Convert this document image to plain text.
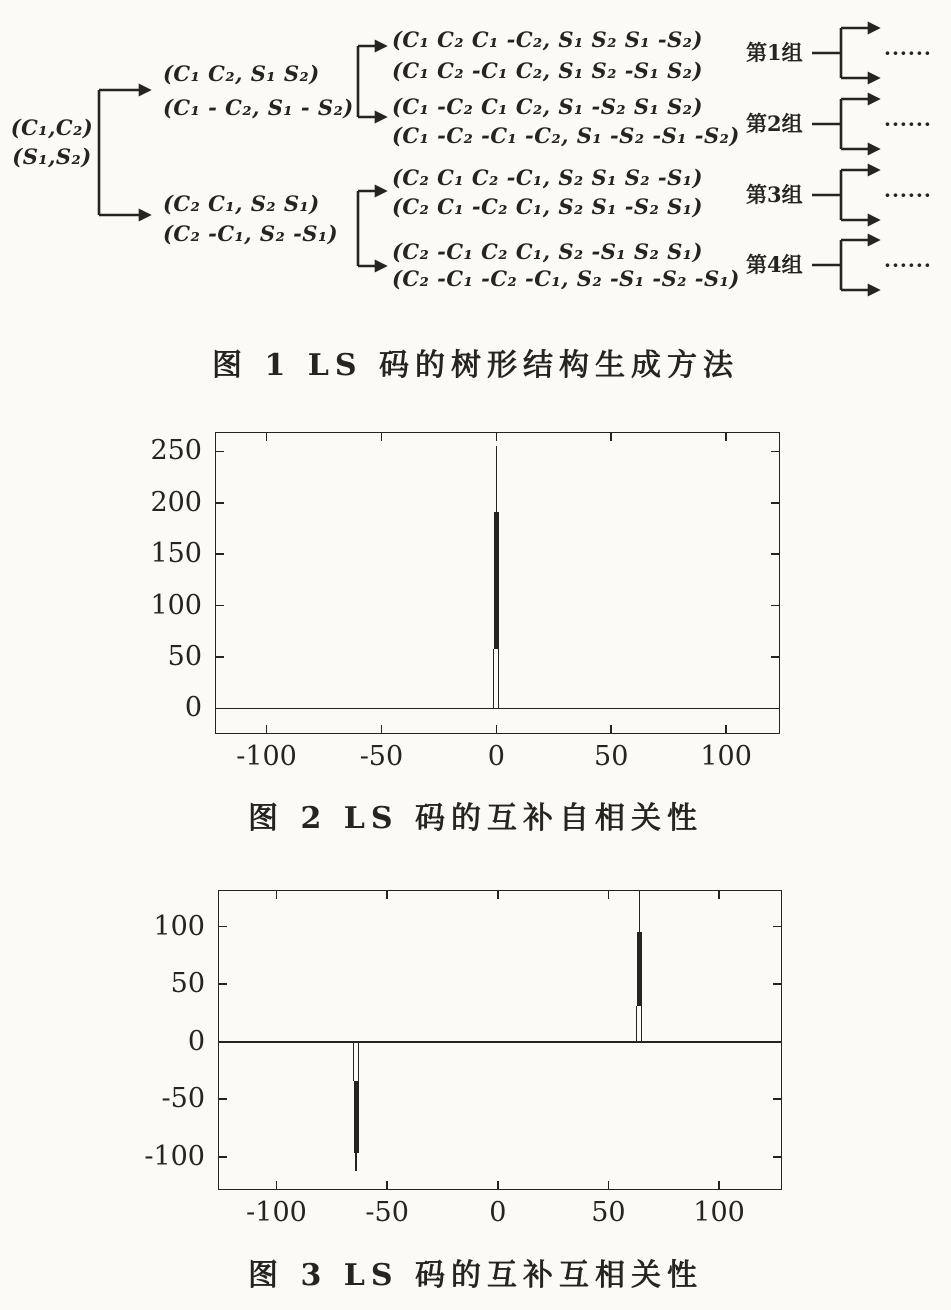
(C₁,C₂)
(S₁,S₂)
(C₁ C₂, S₁ S₂)
(C₁ - C₂, S₁ - S₂)
(C₂ C₁, S₂ S₁)
(C₂ -C₁, S₂ -S₁)
(C₁ C₂ C₁ -C₂, S₁ S₂ S₁ -S₂)
(C₁ C₂ -C₁ C₂, S₁ S₂ -S₁ S₂)
(C₁ -C₂ C₁ C₂, S₁ -S₂ S₁ S₂)
(C₁ -C₂ -C₁ -C₂, S₁ -S₂ -S₁ -S₂)
(C₂ C₁ C₂ -C₁, S₂ S₁ S₂ -S₁)
(C₂ C₁ -C₂ C₁, S₂ S₁ -S₂ S₁)
(C₂ -C₁ C₂ C₁, S₂ -S₁ S₂ S₁)
(C₂ -C₁ -C₂ -C₁, S₂ -S₁ -S₂ -S₁)
第1组
第2组
第3组
第4组
······
······
······
······
图 1 LS 码的树形结构生成方法
-100	-50	0	50	100
0
50
100
150
200
250
图 2 LS 码的互补自相关性
-100	-50	0	50	100
-100
-50
0
50
100
图 3 LS 码的互补互相关性
